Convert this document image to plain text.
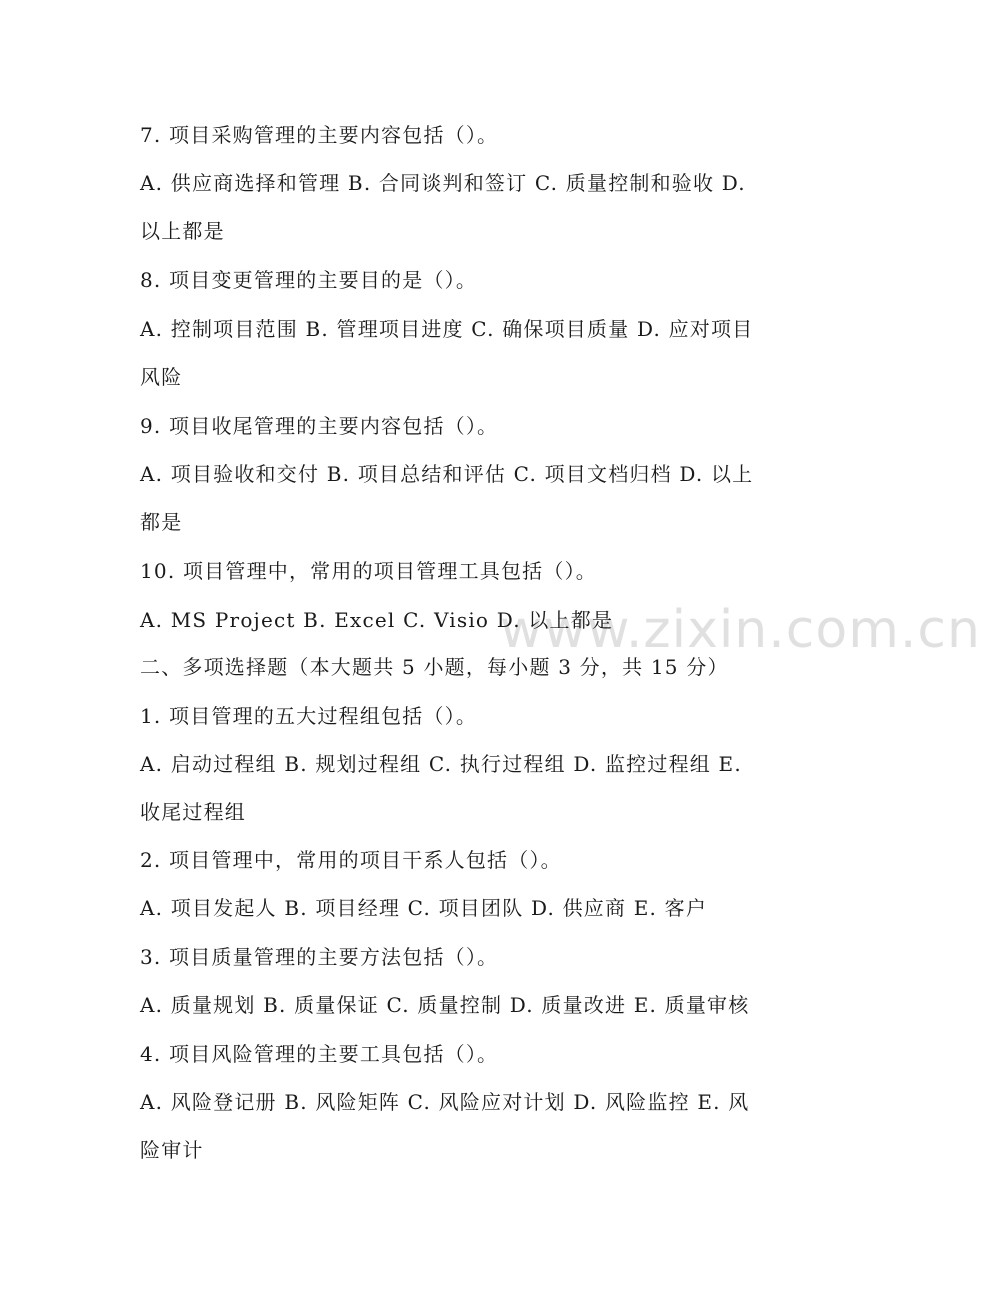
www.zixin.com.cn
7. 项目采购管理的主要内容包括（）。
A. 供应商选择和管理 B. 合同谈判和签订 C. 质量控制和验收 D.
以上都是
8. 项目变更管理的主要目的是（）。
A. 控制项目范围 B. 管理项目进度 C. 确保项目质量 D. 应对项目
风险
9. 项目收尾管理的主要内容包括（）。
A. 项目验收和交付 B. 项目总结和评估 C. 项目文档归档 D. 以上
都是
10. 项目管理中，常用的项目管理工具包括（）。
A. MS Project B. Excel C. Visio D. 以上都是
二、多项选择题（本大题共 5 小题，每小题 3 分，共 15 分）
1. 项目管理的五大过程组包括（）。
A. 启动过程组 B. 规划过程组 C. 执行过程组 D. 监控过程组 E.
收尾过程组
2. 项目管理中，常用的项目干系人包括（）。
A. 项目发起人 B. 项目经理 C. 项目团队 D. 供应商 E. 客户
3. 项目质量管理的主要方法包括（）。
A. 质量规划 B. 质量保证 C. 质量控制 D. 质量改进 E. 质量审核
4. 项目风险管理的主要工具包括（）。
A. 风险登记册 B. 风险矩阵 C. 风险应对计划 D. 风险监控 E. 风
险审计
